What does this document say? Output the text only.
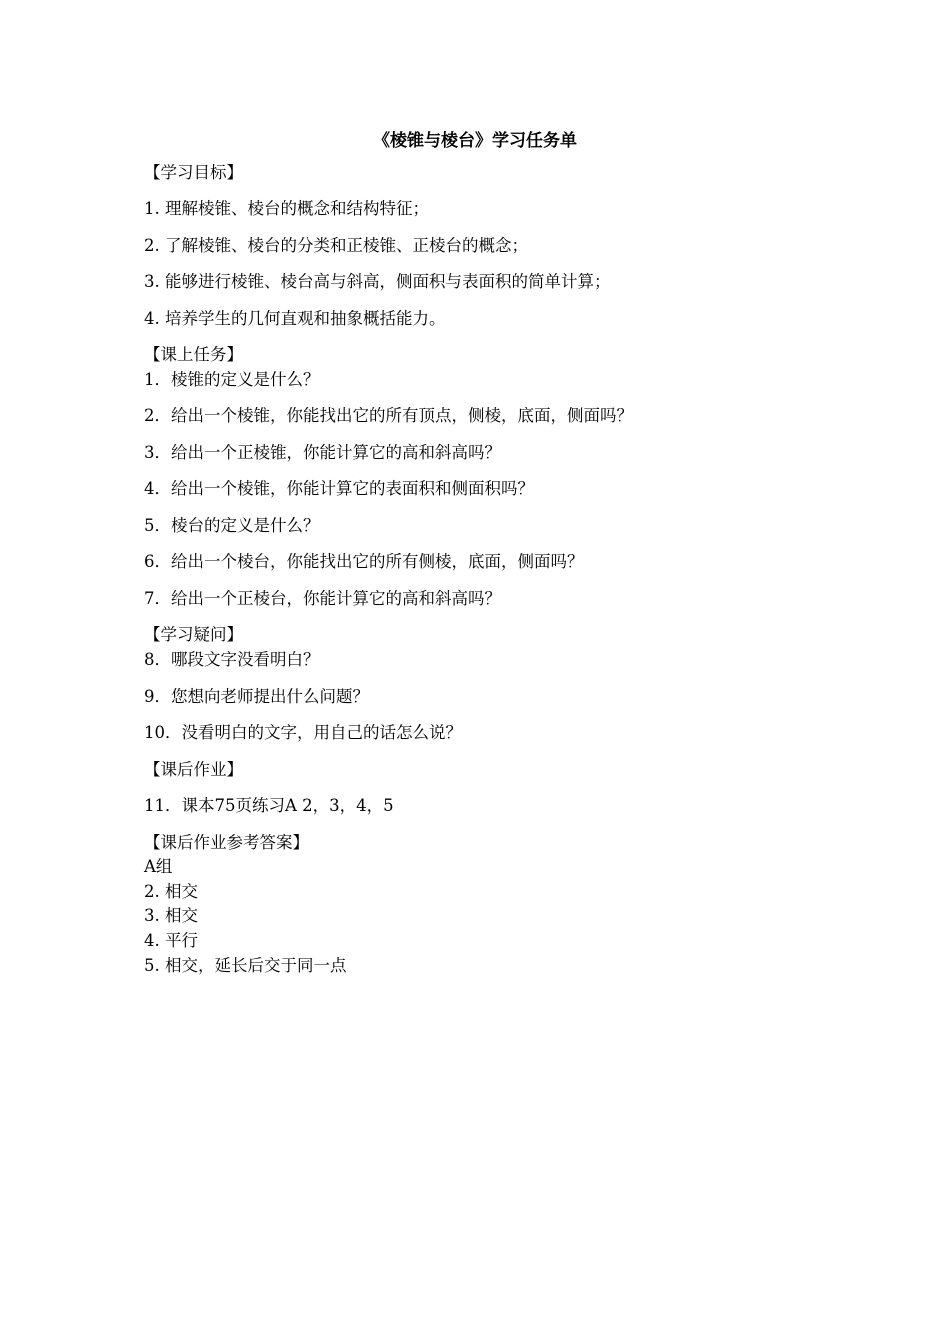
《棱锥与棱台》学习任务单
【学习目标】
1. 理解棱锥、棱台的概念和结构特征；
2. 了解棱锥、棱台的分类和正棱锥、正棱台的概念；
3. 能够进行棱锥、棱台高与斜高，侧面积与表面积的简单计算；
4. 培养学生的几何直观和抽象概括能力。
【课上任务】
1．棱锥的定义是什么？
2．给出一个棱锥，你能找出它的所有顶点，侧棱，底面，侧面吗？
3．给出一个正棱锥，你能计算它的高和斜高吗？
4．给出一个棱锥，你能计算它的表面积和侧面积吗？
5．棱台的定义是什么？
6．给出一个棱台，你能找出它的所有侧棱，底面，侧面吗？
7．给出一个正棱台，你能计算它的高和斜高吗？
【学习疑问】
8．哪段文字没看明白？
9．您想向老师提出什么问题？
10．没看明白的文字，用自己的话怎么说？
【课后作业】
11．课本75页练习A 2，3，4，5
【课后作业参考答案】
A组
2. 相交
3. 相交
4. 平行
5. 相交，延长后交于同一点
